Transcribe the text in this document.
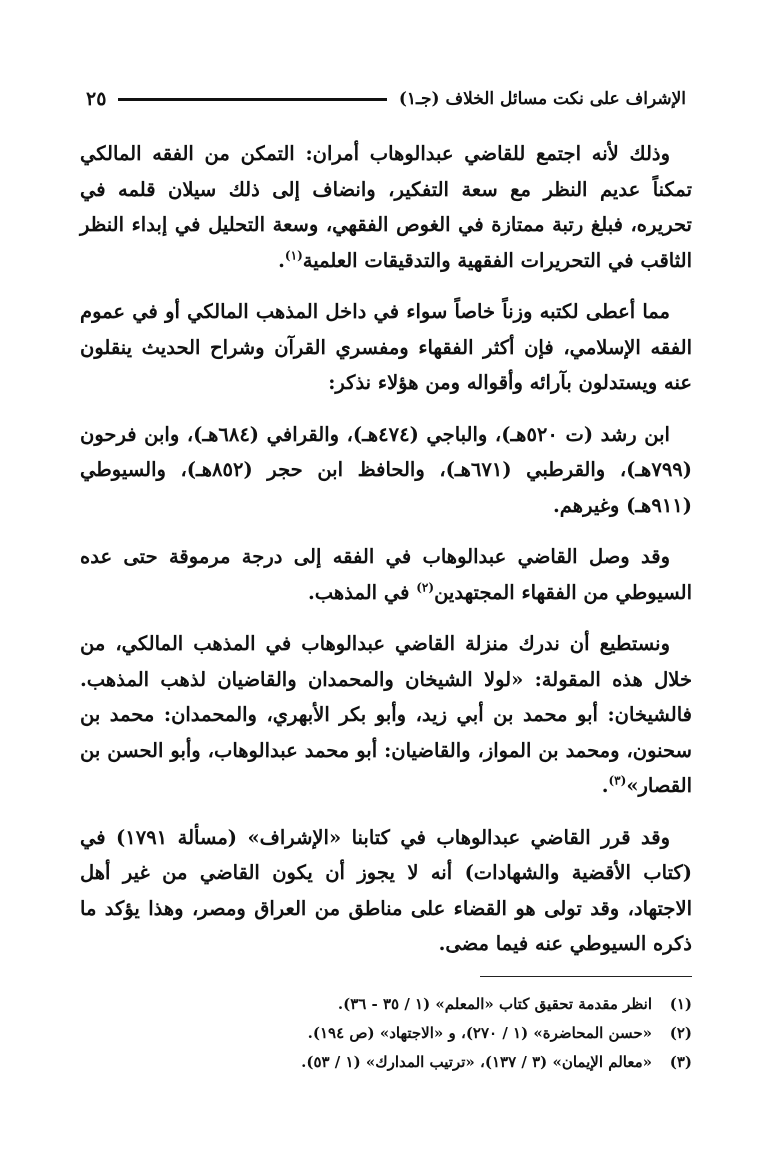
الإشراف على نكت مسائل الخلاف (جـ١)
٢٥

وذلك لأنه اجتمع للقاضي عبدالوهاب أمران: التمكن من الفقه المالكي تمكناً عديم النظر مع سعة التفكير، وانضاف إلى ذلك سيلان قلمه في تحريره، فبلغ رتبة ممتازة في الغوص الفقهي، وسعة التحليل في إبداء النظر الثاقب في التحريرات الفقهية والتدقيقات العلمية$^{(١)}$.

مما أعطى لكتبه وزناً خاصاً سواء في داخل المذهب المالكي أو في عموم الفقه الإسلامي، فإن أكثر الفقهاء ومفسري القرآن وشراح الحديث ينقلون عنه ويستدلون بآرائه وأقواله ومن هؤلاء نذكر:

ابن رشد (ت ٥٢٠هـ)، والباجي (٤٧٤هـ)، والقرافي (٦٨٤هـ)، وابن فرحون (٧٩٩هـ)، والقرطبي (٦٧١هـ)، والحافظ ابن حجر (٨٥٢هـ)، والسيوطي (٩١١هـ) وغيرهم.

وقد وصل القاضي عبدالوهاب في الفقه إلى درجة مرموقة حتى عده السيوطي من الفقهاء المجتهدين$^{(٢)}$ في المذهب.

ونستطيع أن ندرك منزلة القاضي عبدالوهاب في المذهب المالكي، من خلال هذه المقولة: «لولا الشيخان والمحمدان والقاضيان لذهب المذهب. فالشيخان: أبو محمد بن أبي زيد، وأبو بكر الأبهري، والمحمدان: محمد بن سحنون، ومحمد بن المواز، والقاضيان: أبو محمد عبدالوهاب، وأبو الحسن بن القصار»$^{(٣)}$.

وقد قرر القاضي عبدالوهاب في كتابنا «الإشراف» (مسألة ١٧٩١) في (كتاب الأقضية والشهادات) أنه لا يجوز أن يكون القاضي من غير أهل الاجتهاد، وقد تولى هو القضاء على مناطق من العراق ومصر، وهذا يؤكد ما ذكره السيوطي عنه فيما مضى.

(١)انظر مقدمة تحقيق كتاب «المعلم» (١ / ٣٥ - ٣٦).
(٢)«حسن المحاضرة» (١ / ٢٧٠)، و «الاجتهاد» (ص ١٩٤).
(٣)«معالم الإيمان» (٣ / ١٣٧)، «ترتيب المدارك» (١ / ٥٣).
